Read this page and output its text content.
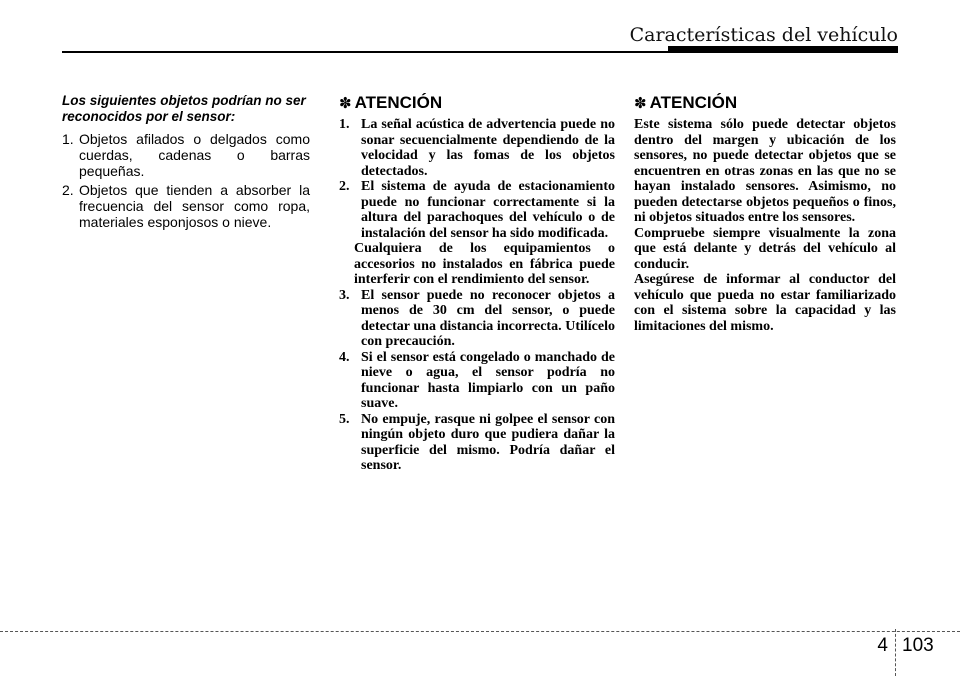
Características del vehículo

Los siguientes objetos podrían no ser reconocidos por el sensor:

1. Objetos afilados o delgados como cuerdas, cadenas o barras pequeñas.
2. Objetos que tienden a absorber la frecuencia del sensor como ropa, materiales esponjosos o nieve.
✽ ATENCIÓN
1. La señal acústica de advertencia puede no sonar secuencialmente dependiendo de la velocidad y las fomas de los objetos detectados.
2. El sistema de ayuda de estacionamiento puede no funcionar correctamente si la altura del parachoques del vehículo o de instalación del sensor ha sido modificada.
Cualquiera de los equipamientos o accesorios no instalados en fábrica puede interferir con el rendimiento del sensor.
3. El sensor puede no reconocer objetos a menos de 30 cm del sensor, o puede detectar una distancia incorrecta. Utilícelo con precaución.
4. Si el sensor está congelado o manchado de nieve o agua, el sensor podría no funcionar hasta limpiarlo con un paño suave.
5. No empuje, rasque ni golpee el sensor con ningún objeto duro que pudiera dañar la superficie del mismo. Podría dañar el sensor.
✽ ATENCIÓN

Este sistema sólo puede detectar objetos dentro del margen y ubicación de los sensores, no puede detectar objetos que se encuentren en otras zonas en las que no se hayan instalado sensores. Asimismo, no pueden detectarse objetos pequeños o finos, ni objetos situados entre los sensores.

Compruebe siempre visualmente la zona que está delante y detrás del vehículo al conducir.

Asegúrese de informar al conductor del vehículo que pueda no estar familiarizado con el sistema sobre la capacidad y las limitaciones del mismo.

4 103
